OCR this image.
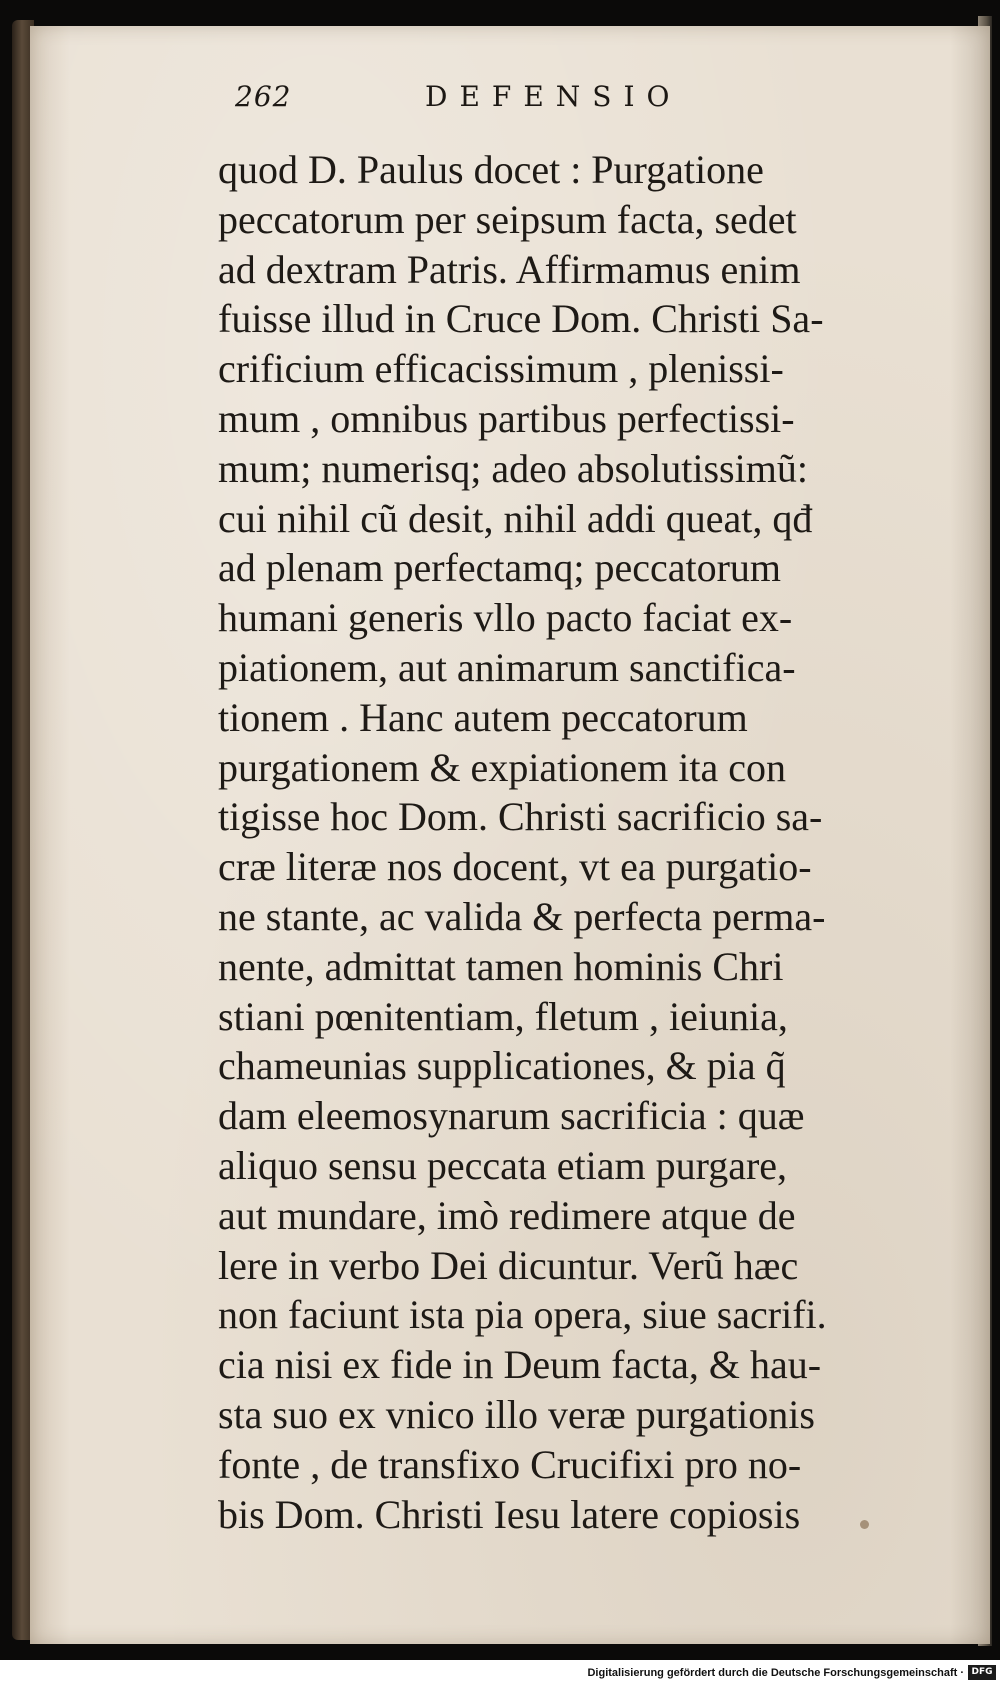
262	DEFENSIO
quod D. Paulus docet : Purgatione
peccatorum per seipsum facta, sedet
ad dextram Patris. Affirmamus enim
fuisse illud in Cruce Dom. Christi Sa-
crificium efficacissimum , plenissi-
mum , omnibus partibus perfectissi-
mum; numerisq; adeo absolutissimũ:
cui nihil cũ desit, nihil addi queat, qđ
ad plenam perfectamq; peccatorum
humani generis vllo pacto faciat ex-
piationem, aut animarum sanctifica-
tionem . Hanc autem peccatorum
purgationem & expiationem ita con
tigisse hoc Dom. Christi sacrificio sa-
cræ literæ nos docent, vt ea purgatio-
ne stante, ac valida & perfecta perma-
nente, admittat tamen hominis Chri
stiani pœnitentiam, fletum , ieiunia,
chameunias supplicationes, & pia q̃
dam eleemosynarum sacrificia : quæ
aliquo sensu peccata etiam purgare,
aut mundare, imò redimere atque de
lere in verbo Dei dicuntur. Verũ hæc
non faciunt ista pia opera, siue sacrifi.
cia nisi ex fide in Deum facta, & hau-
sta suo ex vnico illo veræ purgationis
fonte , de transfixo Crucifixi pro no-
bis Dom. Christi Iesu latere copiosis
Digitalisierung gefördert durch die Deutsche Forschungsgemeinschaft · DFG
